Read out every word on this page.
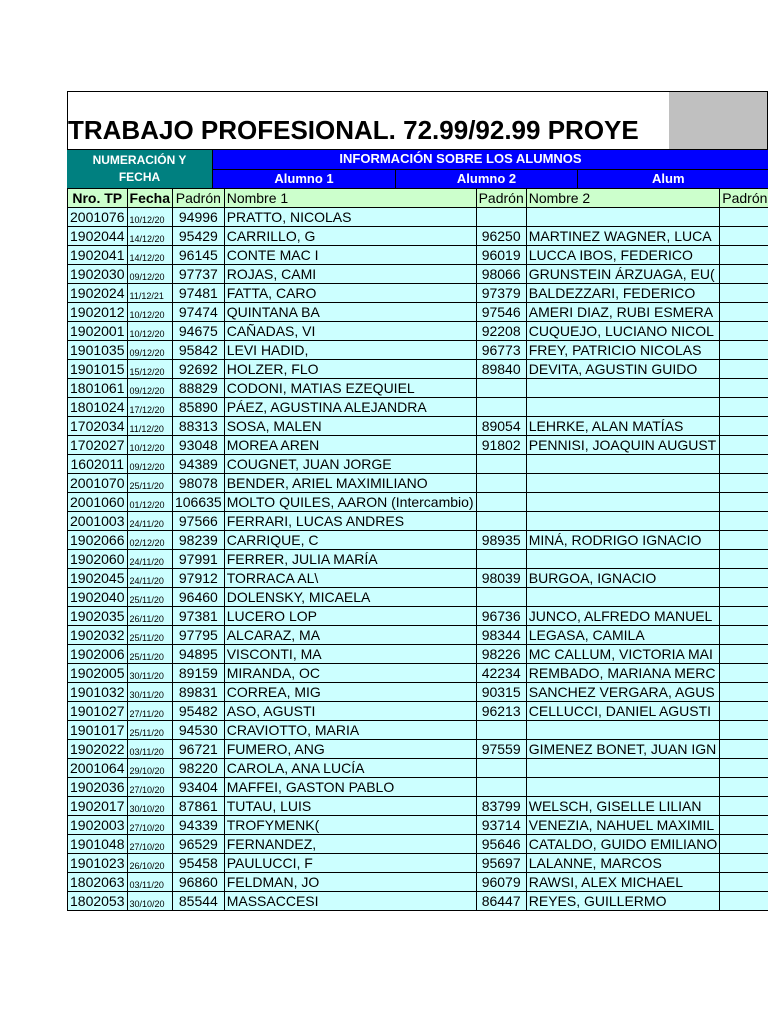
TRABAJO PROFESIONAL. 72.99/92.99 PROYE
NUMERACIÓN Y FECHA
INFORMACIÓN SOBRE LOS ALUMNOS
Alumno 1	Alumno 2	Alum
Nro. TP	Fecha	Padrón	Nombre 1	Padrón	Nombre 2	Padrón
2001076	10/12/20	94996	PRATTO, NICOLAS			
1902044	14/12/20	95429	CARRILLO, G	96250	MARTINEZ WAGNER, LUCA	
1902041	14/12/20	96145	CONTE MAC I	96019	LUCCA IBOS, FEDERICO	
1902030	09/12/20	97737	ROJAS, CAMI	98066	GRUNSTEIN ÁRZUAGA, EU(	
1902024	11/12/21	97481	FATTA, CARO	97379	BALDEZZARI, FEDERICO	
1902012	10/12/20	97474	QUINTANA BA	97546	AMERI DIAZ, RUBI ESMERA	
1902001	10/12/20	94675	CAÑADAS, VI	92208	CUQUEJO, LUCIANO NICOL	
1901035	09/12/20	95842	LEVI HADID,	96773	FREY, PATRICIO NICOLAS	
1901015	15/12/20	92692	HOLZER, FLO	89840	DEVITA, AGUSTIN GUIDO	
1801061	09/12/20	88829	CODONI, MATIAS EZEQUIEL			
1801024	17/12/20	85890	PÁEZ, AGUSTINA ALEJANDRA			
1702034	11/12/20	88313	SOSA, MALEN	89054	LEHRKE, ALAN MATÍAS	
1702027	10/12/20	93048	MOREA AREN	91802	PENNISI, JOAQUIN AUGUST	
1602011	09/12/20	94389	COUGNET, JUAN JORGE			
2001070	25/11/20	98078	BENDER, ARIEL MAXIMILIANO			
2001060	01/12/20	106635	MOLTO QUILES, AARON (Intercambio)			
2001003	24/11/20	97566	FERRARI, LUCAS ANDRES			
1902066	02/12/20	98239	CARRIQUE, C	98935	MINÁ, RODRIGO IGNACIO	
1902060	24/11/20	97991	FERRER, JULIA MARÍA			
1902045	24/11/20	97912	TORRACA AL\	98039	BURGOA, IGNACIO	
1902040	25/11/20	96460	DOLENSKY, MICAELA			
1902035	26/11/20	97381	LUCERO LOP	96736	JUNCO, ALFREDO MANUEL	
1902032	25/11/20	97795	ALCARAZ, MA	98344	LEGASA, CAMILA	
1902006	25/11/20	94895	VISCONTI, MA	98226	MC CALLUM, VICTORIA MAI	
1902005	30/11/20	89159	MIRANDA, OC	42234	REMBADO, MARIANA MERC	
1901032	30/11/20	89831	CORREA, MIG	90315	SANCHEZ VERGARA, AGUS	
1901027	27/11/20	95482	ASO, AGUSTI	96213	CELLUCCI, DANIEL AGUSTI	
1901017	25/11/20	94530	CRAVIOTTO, MARIA			
1902022	03/11/20	96721	FUMERO, ANG	97559	GIMENEZ BONET, JUAN IGN	
2001064	29/10/20	98220	CAROLA, ANA LUCÍA			
1902036	27/10/20	93404	MAFFEI, GASTON PABLO			
1902017	30/10/20	87861	TUTAU, LUIS	83799	WELSCH, GISELLE LILIAN	
1902003	27/10/20	94339	TROFYMENK(	93714	VENEZIA, NAHUEL MAXIMIL	
1901048	27/10/20	96529	FERNANDEZ,	95646	CATALDO, GUIDO EMILIANO	
1901023	26/10/20	95458	PAULUCCI, F	95697	LALANNE, MARCOS	
1802063	03/11/20	96860	FELDMAN, JO	96079	RAWSI, ALEX MICHAEL	
1802053	30/10/20	85544	MASSACCESI	86447	REYES, GUILLERMO	
